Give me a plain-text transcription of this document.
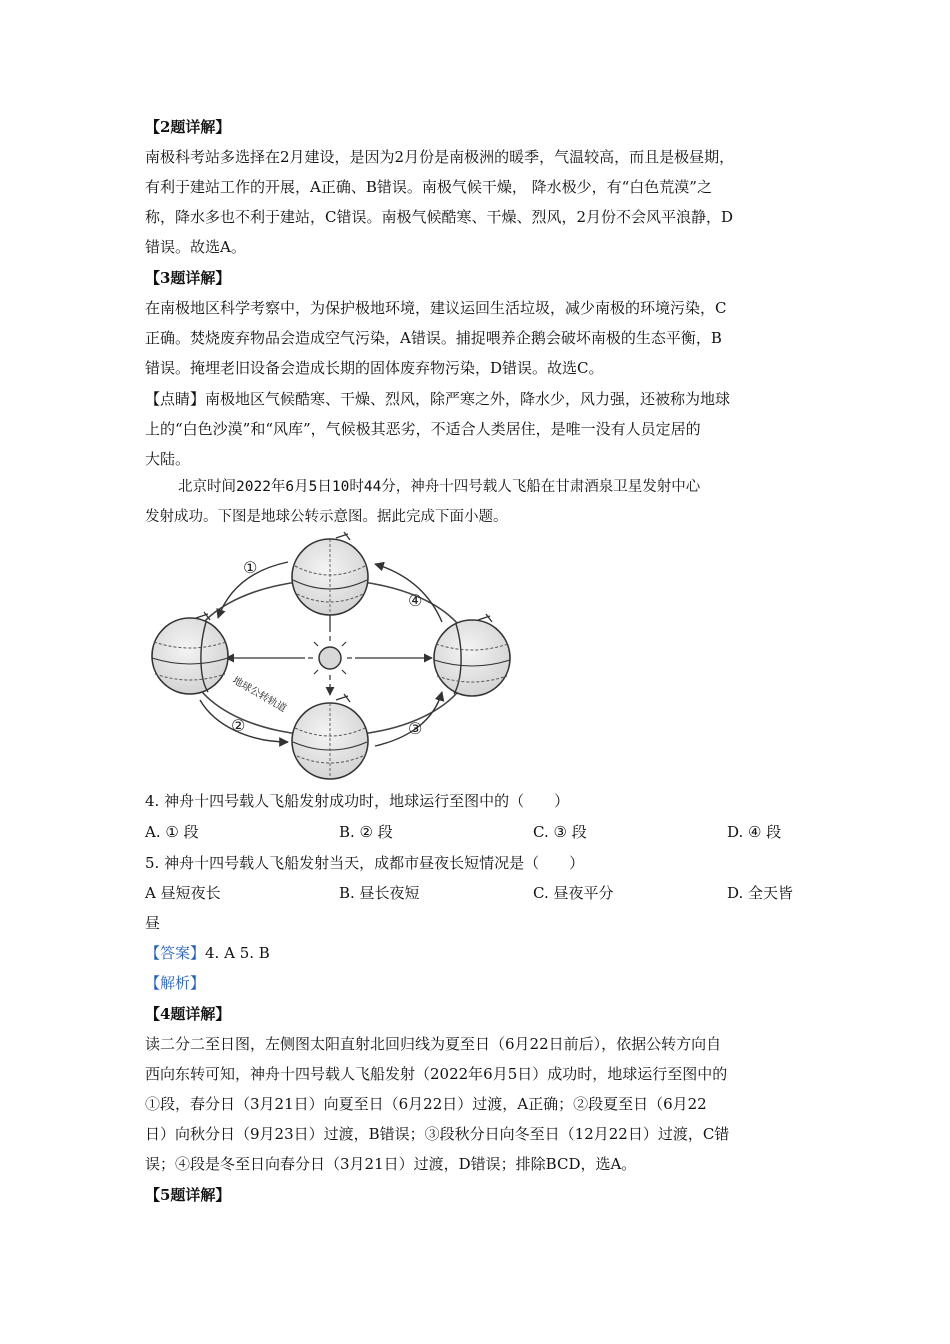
【2题详解】

南极科考站多选择在2月建设，是因为2月份是南极洲的暖季，气温较高，而且是极昼期，

有利于建站工作的开展，A正确、B错误。南极气候干燥， 降水极少，有“白色荒漠”之

称，降水多也不利于建站，C错误。南极气候酷寒、干燥、烈风，2月份不会风平浪静，D

错误。故选A。

【3题详解】

在南极地区科学考察中，为保护极地环境，建议运回生活垃圾，减少南极的环境污染，C

正确。焚烧废弃物品会造成空气污染，A错误。捕捉喂养企鹅会破坏南极的生态平衡，B

错误。掩埋老旧设备会造成长期的固体废弃物污染，D错误。故选C。

【点睛】南极地区气候酷寒、干燥、烈风，除严寒之外，降水少，风力强，还被称为地球

上的“白色沙漠”和“风库”，气候极其恶劣，不适合人类居住，是唯一没有人员定居的

大陆。

北京时间2022年6月5日10时44分，神舟十四号载人飞船在甘肃酒泉卫星发射中心

发射成功。下图是地球公转示意图。据此完成下面小题。

①
②	③
④
地球公转轨道

4. 神舟十四号载人飞船发射成功时，地球运行至图中的（　　）

A. ① 段	B. ② 段	C. ③ 段	D. ④ 段

5. 神舟十四号载人飞船发射当天，成都市昼夜长短情况是（　　）

A 昼短夜长	B. 昼长夜短	C. 昼夜平分	D. 全天皆

昼

【答案】4. A 5. B

【解析】

【4题详解】

读二分二至日图，左侧图太阳直射北回归线为夏至日（6月22日前后），依据公转方向自

西向东转可知，神舟十四号载人飞船发射（2022年6月5日）成功时，地球运行至图中的

①段，春分日（3月21日）向夏至日（6月22日）过渡，A正确；②段夏至日（6月22

日）向秋分日（9月23日）过渡，B错误；③段秋分日向冬至日（12月22日）过渡，C错

误；④段是冬至日向春分日（3月21日）过渡，D错误；排除BCD，选A。

【5题详解】
